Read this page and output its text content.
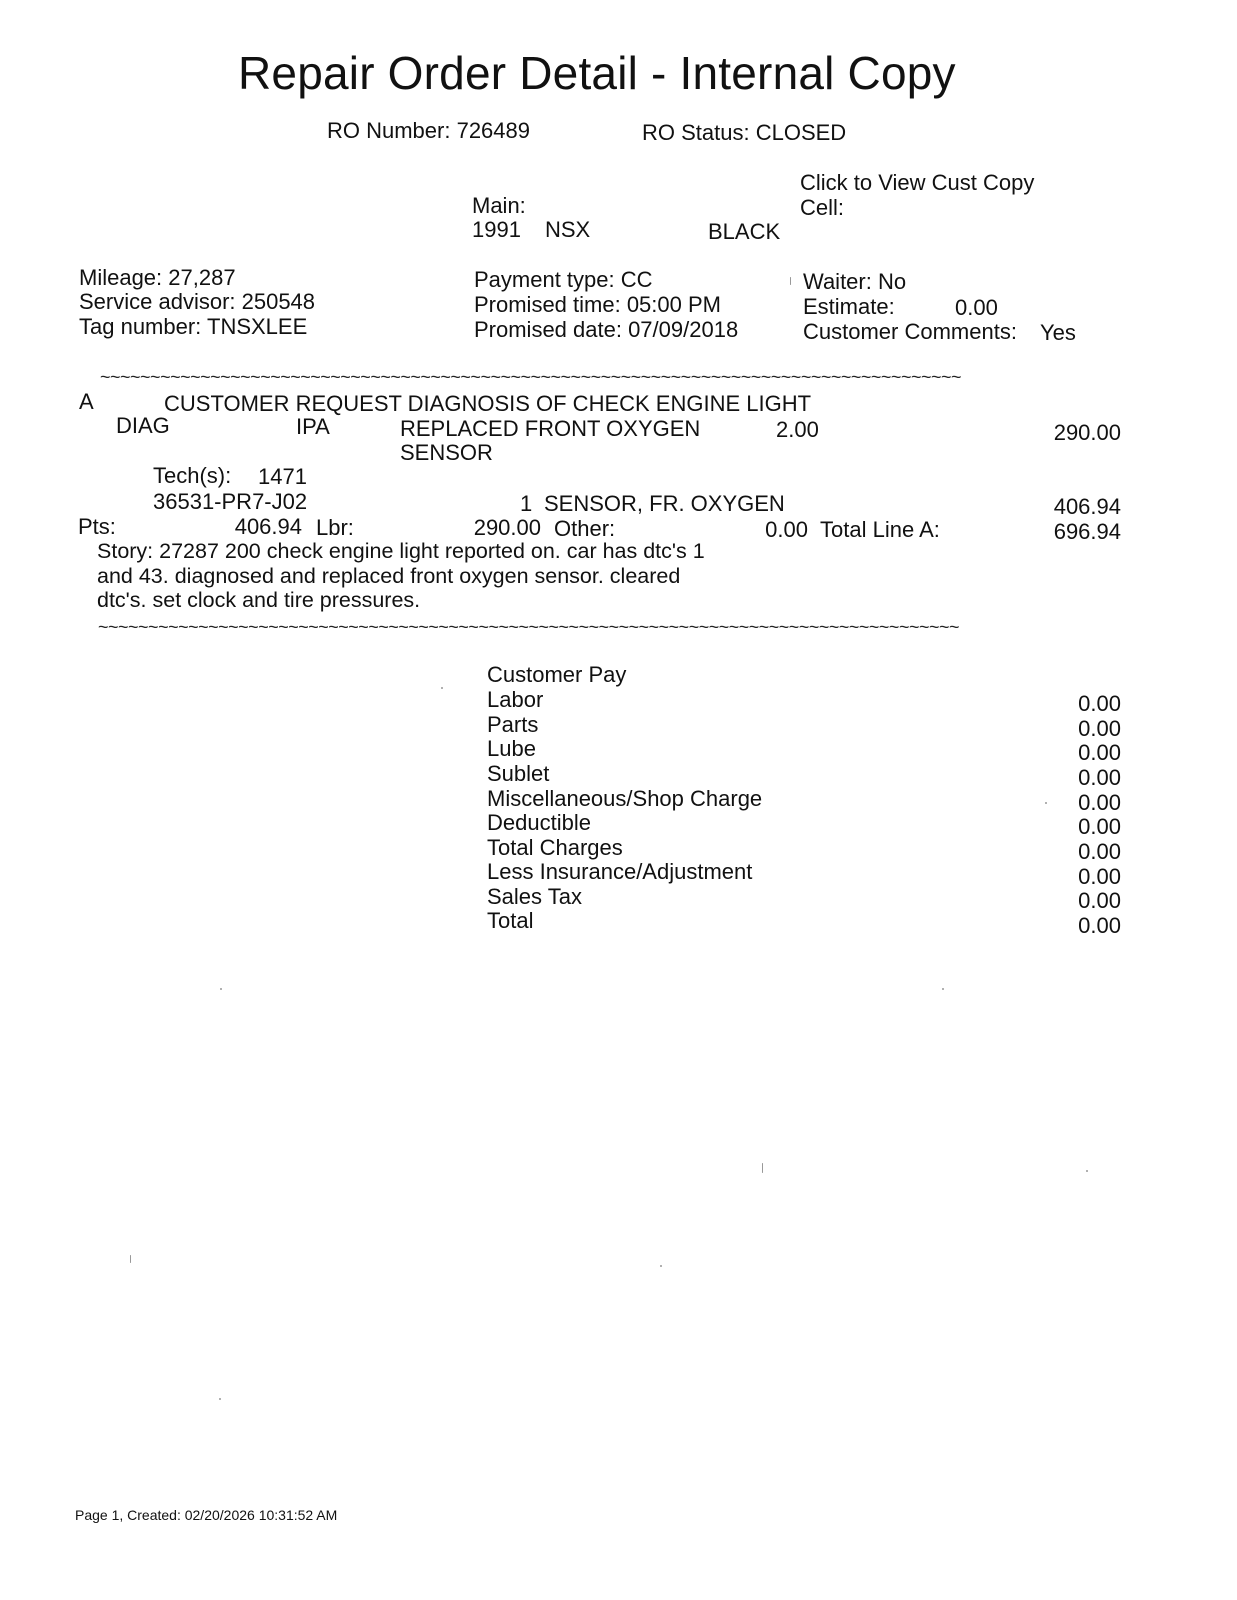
Repair Order Detail - Internal Copy
RO Number: 726489	RO Status: CLOSED
Click to View Cust Copy
Main:	Cell:
1991 NSX	BLACK
Mileage: 27,287
Service advisor: 250548
Tag number: TNSXLEE
Payment type: CC
Promised time: 05:00 PM
Promised date: 07/09/2018
Waiter: No
Estimate:	0.00
Customer Comments: Yes
~~~~~~~~~~~~~~~~~~~~~~~~~~~~~~~~~~~~~~~~~~~~~~~~~~~~~~~~~~~~~~~~~~~~~~~~~~~~~~~~~~~~~~
A	CUSTOMER REQUEST DIAGNOSIS OF CHECK ENGINE LIGHT
DIAG	IPA	REPLACED FRONT OXYGEN
SENSOR
2.00	290.00
Tech(s): 1471
36531-PR7-J02	1 SENSOR, FR. OXYGEN	406.94
Pts:	406.94 Lbr:	290.00 Other:	0.00 Total Line A:	696.94
Story: 27287 200 check engine light reported on. car has dtc's 1
and 43. diagnosed and replaced front oxygen sensor. cleared
dtc's. set clock and tire pressures.
~~~~~~~~~~~~~~~~~~~~~~~~~~~~~~~~~~~~~~~~~~~~~~~~~~~~~~~~~~~~~~~~~~~~~~~~~~~~~~~~~~~~~~
Customer Pay
Labor	0.00
Parts	0.00
Lube	0.00
Sublet	0.00
Miscellaneous/Shop Charge	0.00
Deductible	0.00
Total Charges	0.00
Less Insurance/Adjustment	0.00
Sales Tax	0.00
Total	0.00
Page 1, Created: 02/20/2026 10:31:52 AM
